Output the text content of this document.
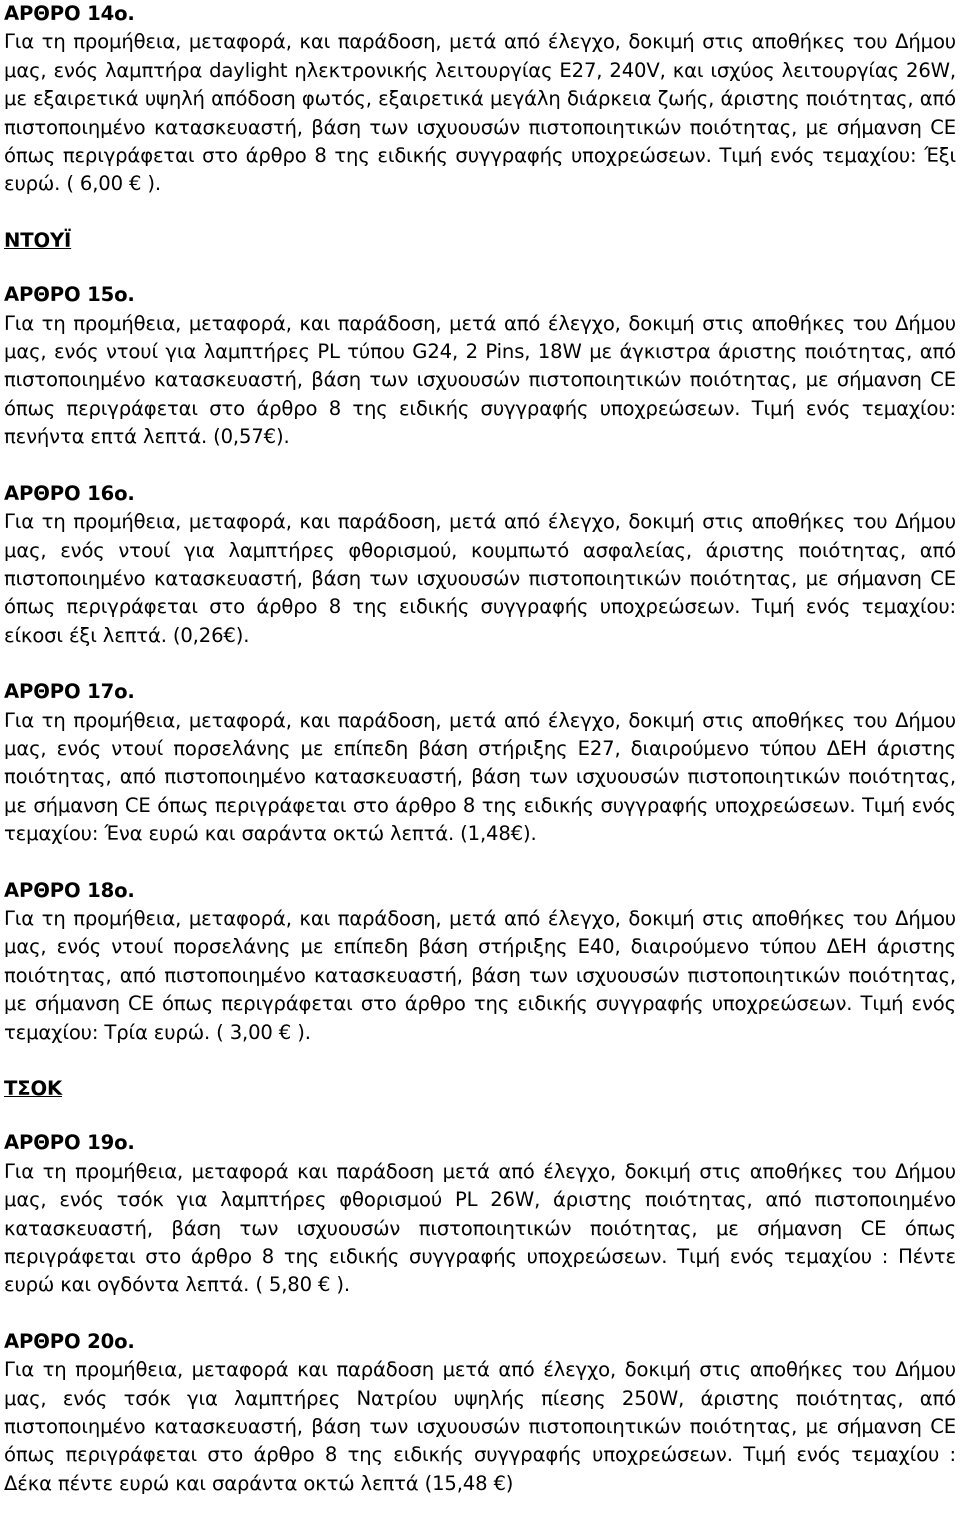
ΑΡΘΡΟ 14ο.

Για τη προμήθεια, μεταφορά, και παράδοση, μετά από έλεγχο, δοκιμή στις αποθήκες του Δήμου μας, ενός λαμπτήρα daylight ηλεκτρονικής λειτουργίας E27, 240V, και ισχύος λειτουργίας 26W, με εξαιρετικά υψηλή απόδοση φωτός, εξαιρετικά μεγάλη διάρκεια ζωής, άριστης ποιότητας, από πιστοποιημένο κατασκευαστή, βάση των ισχυουσών πιστοποιητικών ποιότητας, με σήμανση CE όπως περιγράφεται στο άρθρο 8 της ειδικής συγγραφής υποχρεώσεων. Τιμή ενός τεμαχίου: Έξι ευρώ. ( 6,00 € ).

ΝΤΟΥΪ

ΑΡΘΡΟ 15ο.

Για τη προμήθεια, μεταφορά, και παράδοση, μετά από έλεγχο, δοκιμή στις αποθήκες του Δήμου μας, ενός ντουί για λαμπτήρες PL τύπου G24, 2 Pins, 18W με άγκιστρα άριστης ποιότητας, από πιστοποιημένο κατασκευαστή, βάση των ισχυουσών πιστοποιητικών ποιότητας, με σήμανση CE όπως περιγράφεται στο άρθρο 8 της ειδικής συγγραφής υποχρεώσεων. Τιμή ενός τεμαχίου: πενήντα επτά λεπτά. (0,57€).

ΑΡΘΡΟ 16ο.

Για τη προμήθεια, μεταφορά, και παράδοση, μετά από έλεγχο, δοκιμή στις αποθήκες του Δήμου μας, ενός ντουί για λαμπτήρες φθορισμού, κουμπωτό ασφαλείας, άριστης ποιότητας, από πιστοποιημένο κατασκευαστή, βάση των ισχυουσών πιστοποιητικών ποιότητας, με σήμανση CE όπως περιγράφεται στο άρθρο 8 της ειδικής συγγραφής υποχρεώσεων. Τιμή ενός τεμαχίου: είκοσι έξι λεπτά. (0,26€).

ΑΡΘΡΟ 17ο.

Για τη προμήθεια, μεταφορά, και παράδοση, μετά από έλεγχο, δοκιμή στις αποθήκες του Δήμου μας, ενός ντουί πορσελάνης με επίπεδη βάση στήριξης E27, διαιρούμενο τύπου ΔΕΗ άριστης ποιότητας, από πιστοποιημένο κατασκευαστή, βάση των ισχυουσών πιστοποιητικών ποιότητας, με σήμανση CE όπως περιγράφεται στο άρθρο 8 της ειδικής συγγραφής υποχρεώσεων. Τιμή ενός τεμαχίου: Ένα ευρώ και σαράντα οκτώ λεπτά. (1,48€).

ΑΡΘΡΟ 18ο.

Για τη προμήθεια, μεταφορά, και παράδοση, μετά από έλεγχο, δοκιμή στις αποθήκες του Δήμου μας, ενός ντουί πορσελάνης με επίπεδη βάση στήριξης E40, διαιρούμενο τύπου ΔΕΗ άριστης ποιότητας, από πιστοποιημένο κατασκευαστή, βάση των ισχυουσών πιστοποιητικών ποιότητας, με σήμανση CE όπως περιγράφεται στο άρθρο της ειδικής συγγραφής υποχρεώσεων. Τιμή ενός τεμαχίου: Τρία ευρώ. ( 3,00 € ).

ΤΣΟΚ

ΑΡΘΡΟ 19ο.

Για τη προμήθεια, μεταφορά και παράδοση μετά από έλεγχο, δοκιμή στις αποθήκες του Δήμου μας, ενός τσόκ για λαμπτήρες φθορισμού PL 26W, άριστης ποιότητας, από πιστοποιημένο κατασκευαστή, βάση των ισχυουσών πιστοποιητικών ποιότητας, με σήμανση CE όπως περιγράφεται στο άρθρο 8 της ειδικής συγγραφής υποχρεώσεων. Τιμή ενός τεμαχίου : Πέντε ευρώ και ογδόντα λεπτά. ( 5,80 € ).

ΑΡΘΡΟ 20ο.

Για τη προμήθεια, μεταφορά και παράδοση μετά από έλεγχο, δοκιμή στις αποθήκες του Δήμου μας, ενός τσόκ για λαμπτήρες Νατρίου υψηλής πίεσης 250W, άριστης ποιότητας, από πιστοποιημένο κατασκευαστή, βάση των ισχυουσών πιστοποιητικών ποιότητας, με σήμανση CE όπως περιγράφεται στο άρθρο 8 της ειδικής συγγραφής υποχρεώσεων. Τιμή ενός τεμαχίου : Δέκα πέντε ευρώ και σαράντα οκτώ λεπτά (15,48 €)
